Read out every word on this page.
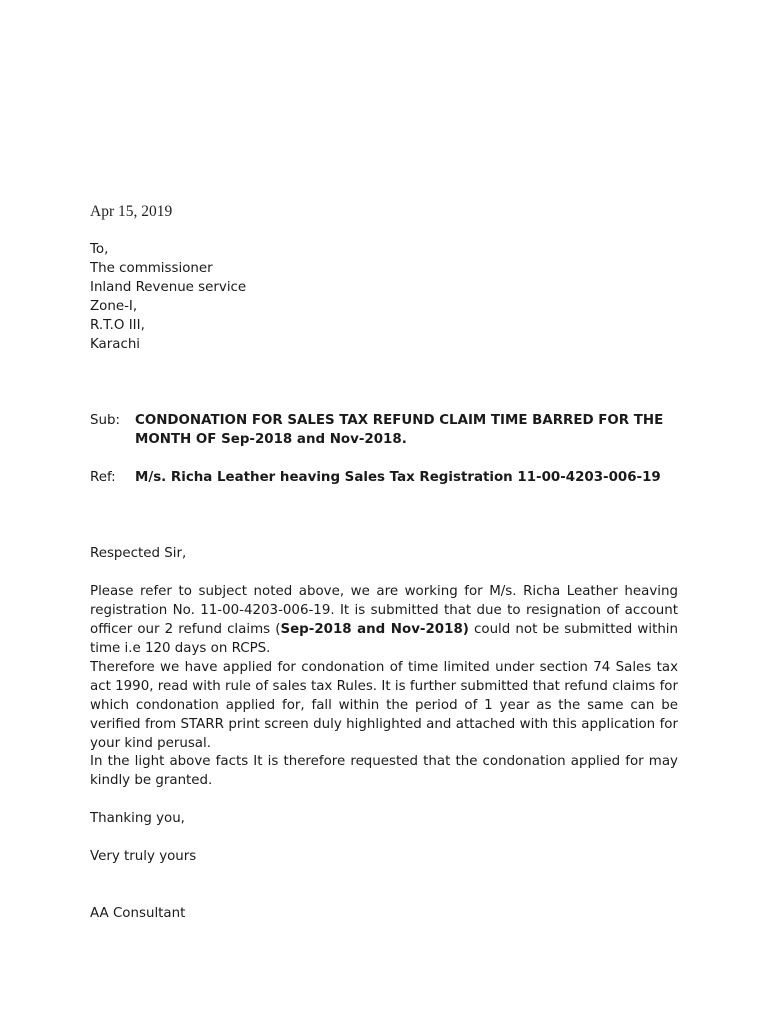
Apr 15, 2019
To,
The commissioner
Inland Revenue service
Zone-I,
R.T.O III,
Karachi
Sub: CONDONATION FOR SALES TAX REFUND CLAIM TIME BARRED FOR THE MONTH OF Sep-2018 and Nov-2018.
Ref: M/s. Richa Leather heaving Sales Tax Registration 11-00-4203-006-19
Respected Sir,
Please refer to subject noted above, we are working for M/s. Richa Leather heaving registration No. 11-00-4203-006-19. It is submitted that due to resignation of account officer our 2 refund claims (Sep-2018 and Nov-2018) could not be submitted within time i.e 120 days on RCPS.
Therefore we have applied for condonation of time limited under section 74 Sales tax act 1990, read with rule of sales tax Rules. It is further submitted that refund claims for which condonation applied for, fall within the period of 1 year as the same can be verified from STARR print screen duly highlighted and attached with this application for your kind perusal.
In the light above facts It is therefore requested that the condonation applied for may kindly be granted.
Thanking you,
Very truly yours
AA Consultant
